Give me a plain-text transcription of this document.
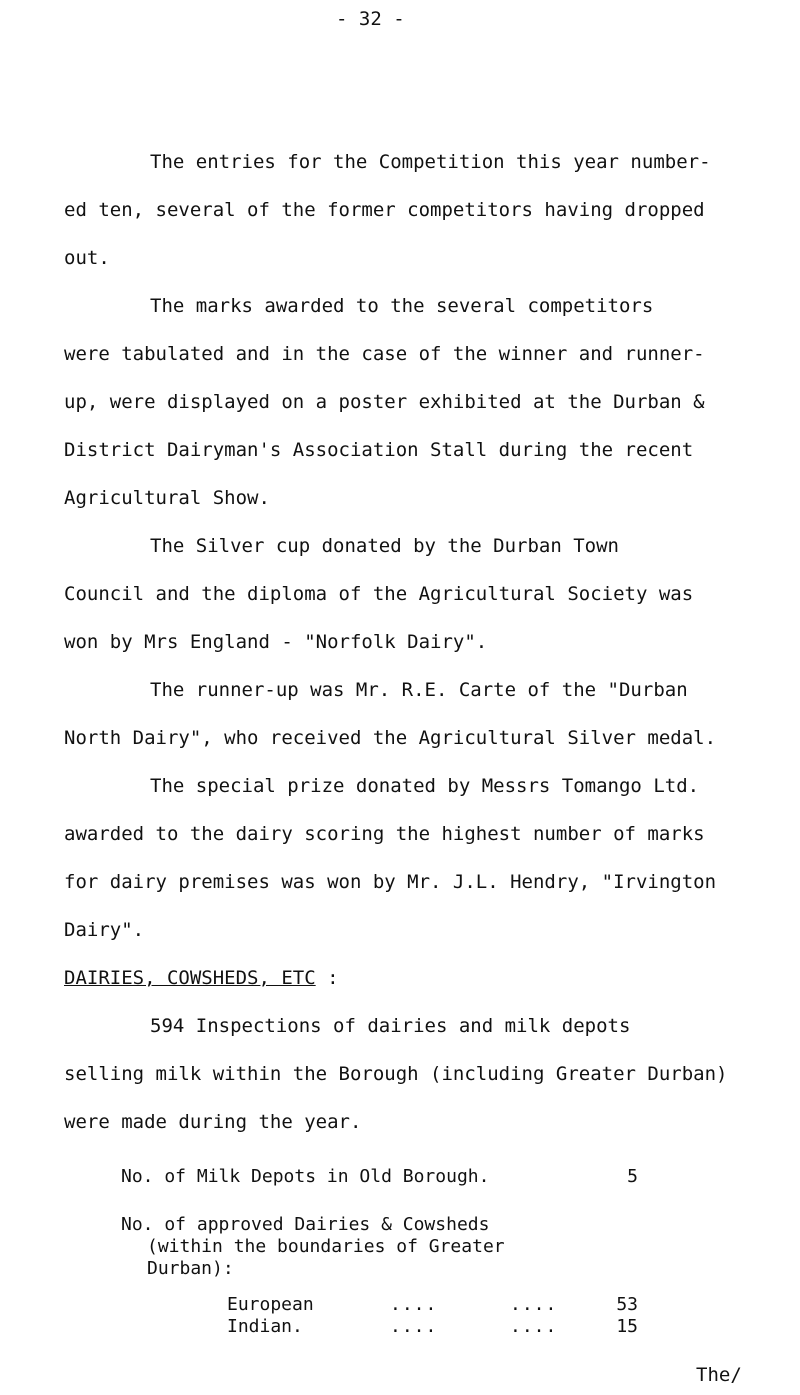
- 32 -
The entries for the Competition this year number-
ed ten, several of the former competitors having dropped
out.
The marks awarded to the several competitors
were tabulated and in the case of the winner and runner-
up, were displayed on a poster exhibited at the Durban &
District Dairyman's Association Stall during the recent
Agricultural Show.
The Silver cup donated by the Durban Town
Council and the diploma of the Agricultural Society was
won by Mrs England - "Norfolk Dairy".
The runner-up was Mr. R.E. Carte of the "Durban
North Dairy", who received the Agricultural Silver medal.
The special prize donated by Messrs Tomango Ltd.
awarded to the dairy scoring the highest number of marks
for dairy premises was won by Mr. J.L. Hendry, "Irvington
Dairy".
DAIRIES, COWSHEDS, ETC :
594 Inspections of dairies and milk depots
selling milk within the Borough (including Greater Durban)
were made during the year.
No. of Milk Depots in Old Borough.	5
No. of approved Dairies & Cowsheds
(within the boundaries of Greater
Durban):
European	....	....	53
Indian.	....	....	15
The/
